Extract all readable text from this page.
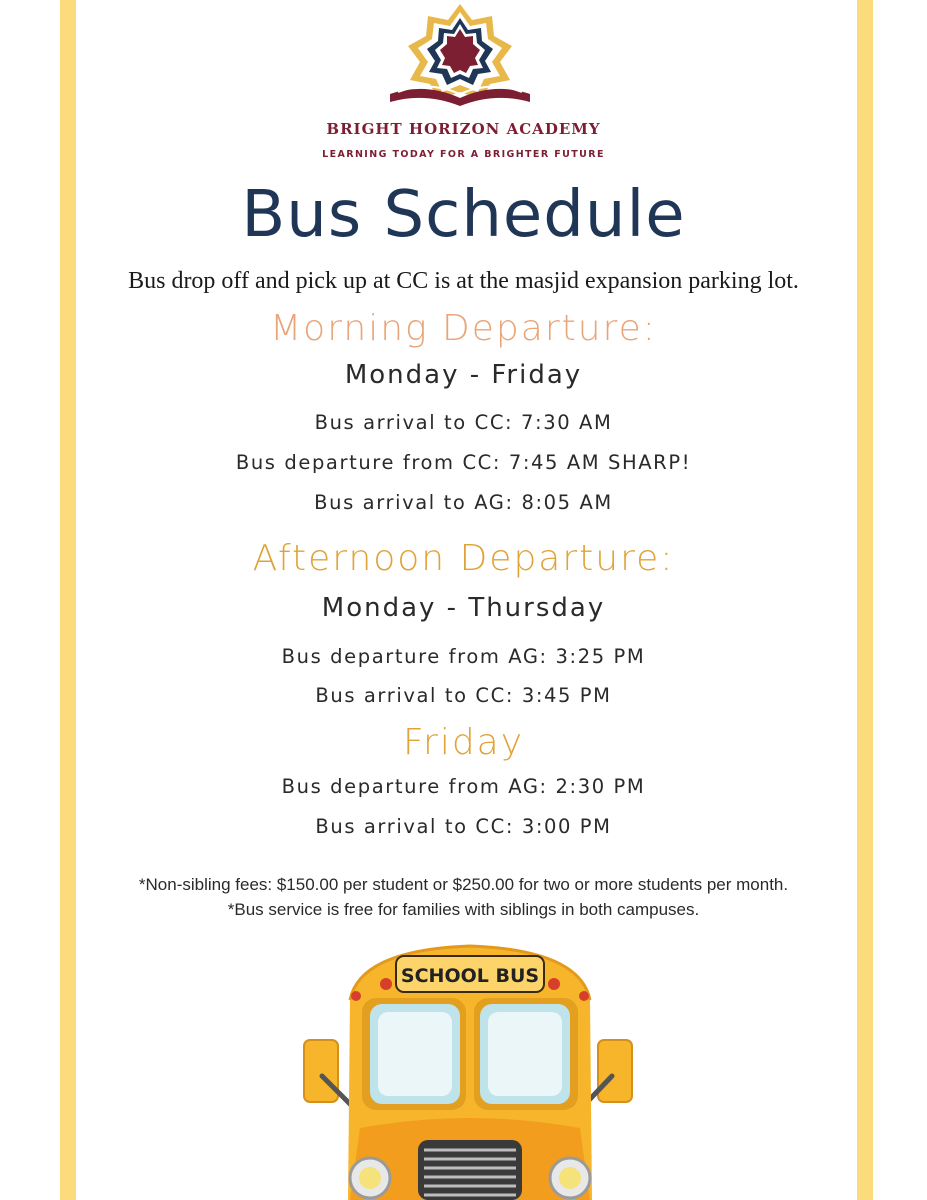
BRIGHT HORIZON ACADEMY
LEARNING TODAY FOR A BRIGHTER FUTURE
Bus Schedule
Bus drop off and pick up at CC is at the masjid expansion parking lot.
Morning Departure:
Monday - Friday
Bus arrival to CC: 7:30 AM
Bus departure from CC: 7:45 AM SHARP!
Bus arrival to AG: 8:05 AM
Afternoon Departure:
Monday - Thursday
Bus departure from AG: 3:25 PM
Bus arrival to CC: 3:45 PM
Friday
Bus departure from AG: 2:30 PM
Bus arrival to CC: 3:00 PM
*Non-sibling fees: $150.00 per student or $250.00 for two or more students per month.
*Bus service is free for families with siblings in both campuses.
SCHOOL BUS
